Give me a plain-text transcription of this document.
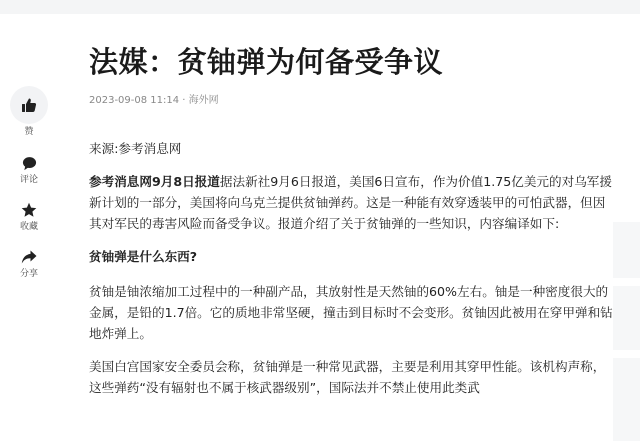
赞
评论
收藏
分享
法媒：贫铀弹为何备受争议
2023-09-08 11:14 · 海外网

来源:参考消息网

参考消息网9月8日报道据法新社9月6日报道，美国6日宣布，作为价值1.75亿美元的对乌军援新计划的一部分，美国将向乌克兰提供贫铀弹药。这是一种能有效穿透装甲的可怕武器，但因其对军民的毒害风险而备受争议。报道介绍了关于贫铀弹的一些知识，内容编译如下:

贫铀弹是什么东西?

贫铀是铀浓缩加工过程中的一种副产品，其放射性是天然铀的60%左右。铀是一种密度很大的金属，是铅的1.7倍。它的质地非常坚硬，撞击到目标时不会变形。贫铀因此被用在穿甲弹和钻地炸弹上。

美国白宫国家安全委员会称，贫铀弹是一种常见武器，主要是利用其穿甲性能。该机构声称，这些弹药“没有辐射也不属于核武器级别”，国际法并不禁止使用此类武
